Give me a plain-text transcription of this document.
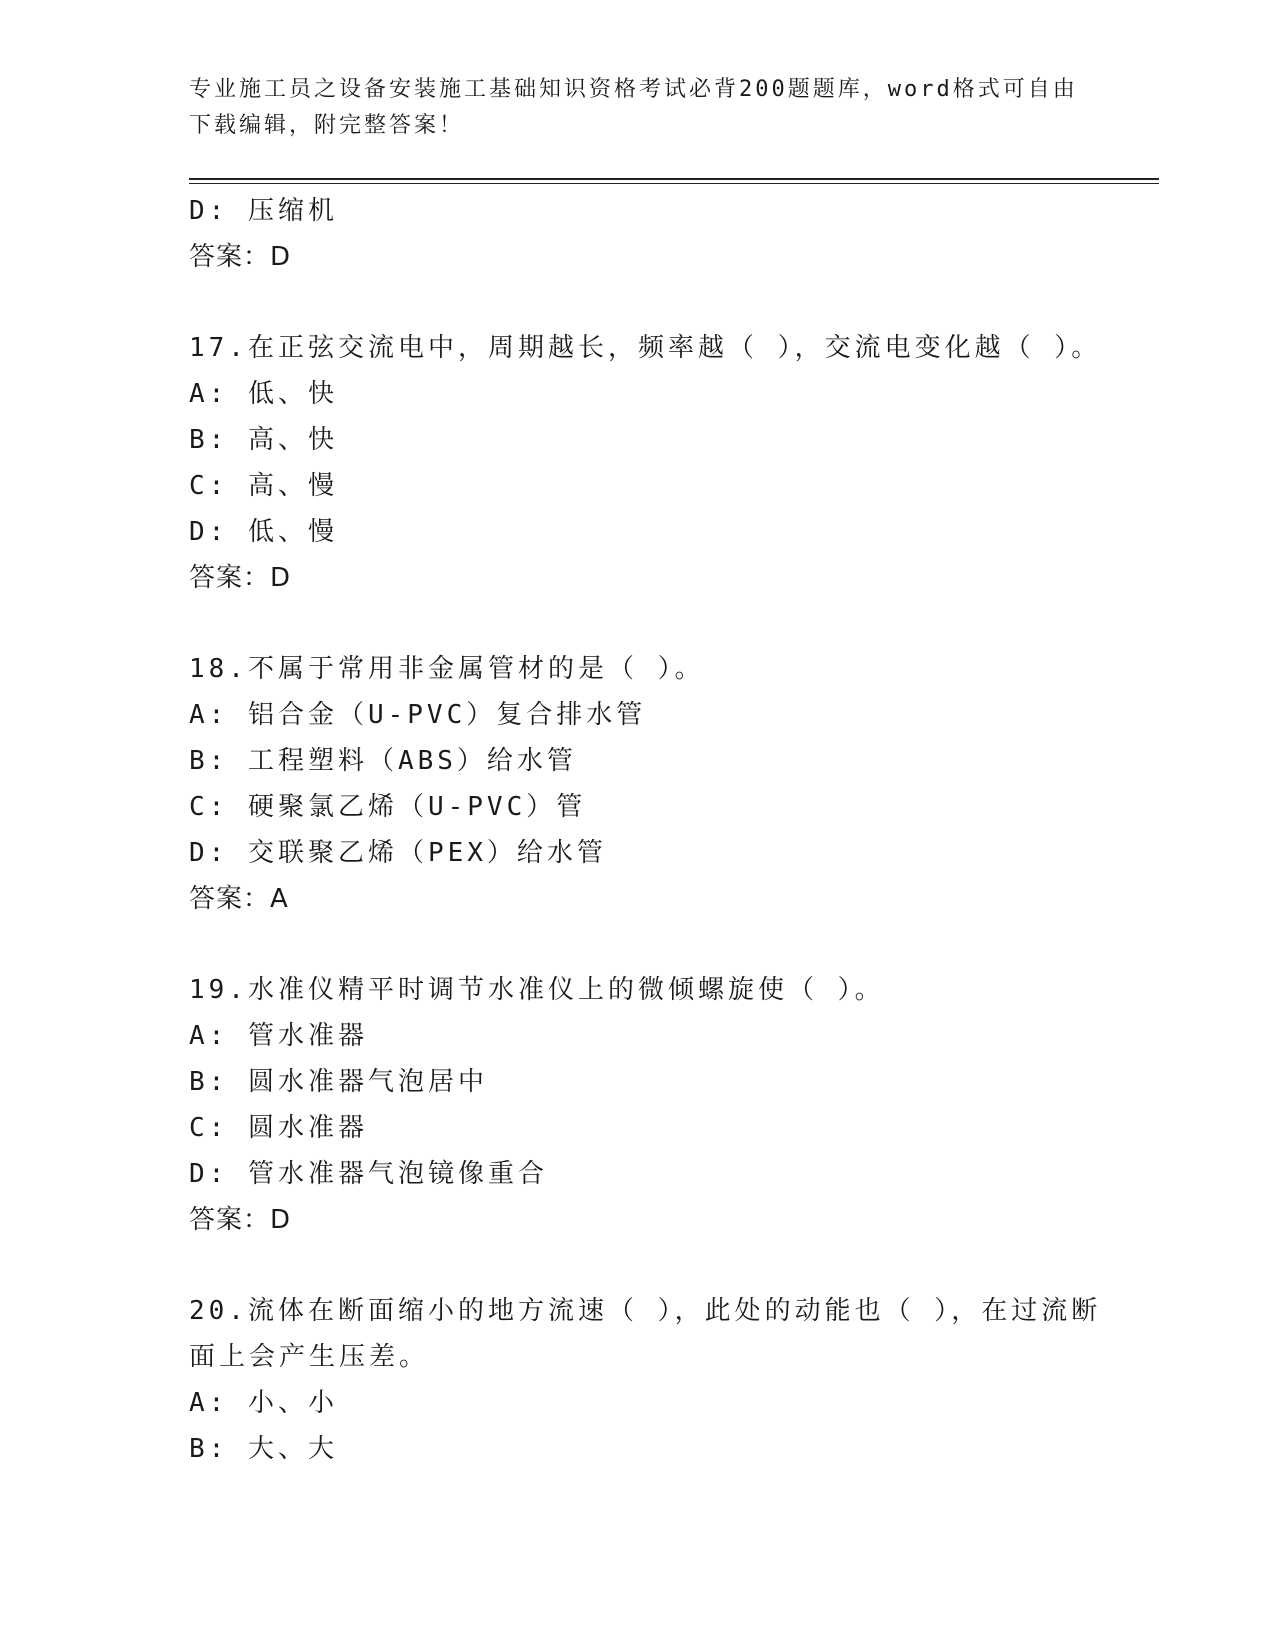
专业施工员之设备安装施工基础知识资格考试必背200题题库，word格式可自由
下载编辑，附完整答案！
D: 压缩机
答案：D
17.在正弦交流电中，周期越长，频率越（ ），交流电变化越（ ）。
A: 低、快
B: 高、快
C: 高、慢
D: 低、慢
答案：D
18.不属于常用非金属管材的是（ ）。
A: 铝合金（U-PVC）复合排水管
B: 工程塑料（ABS）给水管
C: 硬聚氯乙烯（U-PVC）管
D: 交联聚乙烯（PEX）给水管
答案：A
19.水准仪精平时调节水准仪上的微倾螺旋使（ ）。
A: 管水准器
B: 圆水准器气泡居中
C: 圆水准器
D: 管水准器气泡镜像重合
答案：D
20.流体在断面缩小的地方流速（ ），此处的动能也（ ），在过流断
面上会产生压差。
A: 小、小
B: 大、大
